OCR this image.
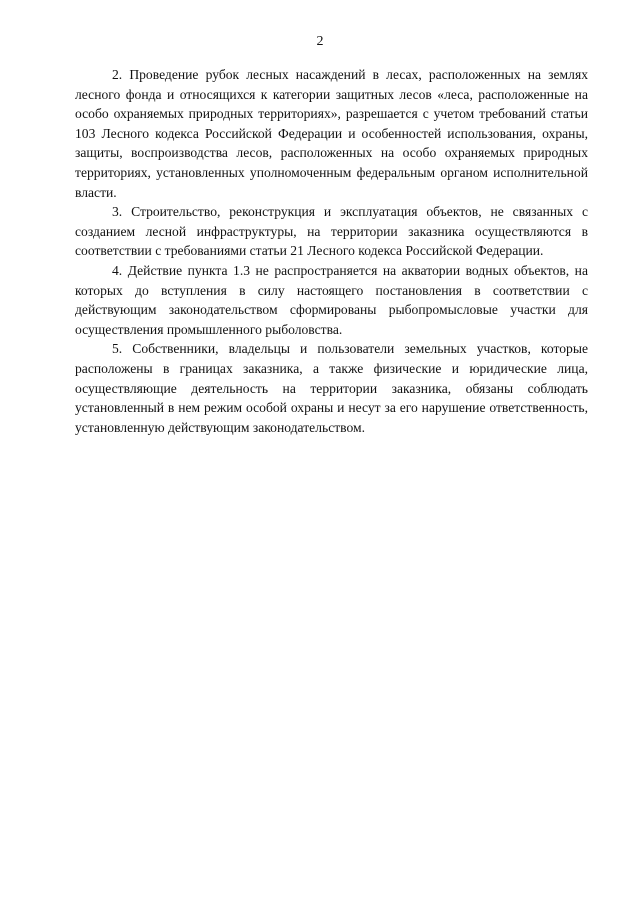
2

2. Проведение рубок лесных насаждений в лесах, расположенных на землях лесного фонда и относящихся к категории защитных лесов «леса, расположенные на особо охраняемых природных территориях», разрешается с учетом требований статьи 103 Лесного кодекса Российской Федерации и особенностей использования, охраны, защиты, воспроизводства лесов, расположенных на особо охраняемых природных территориях, установленных уполномоченным федеральным органом исполнительной власти.

3. Строительство, реконструкция и эксплуатация объектов, не связанных с созданием лесной инфраструктуры, на территории заказника осуществляются в соответствии с требованиями статьи 21 Лесного кодекса Российской Федерации.

4. Действие пункта 1.3 не распространяется на акватории водных объектов, на которых до вступления в силу настоящего постановления в соответствии с действующим законодательством сформированы рыбопромысловые участки для осуществления промышленного рыболовства.

5. Собственники, владельцы и пользователи земельных участков, которые расположены в границах заказника, а также физические и юридические лица, осуществляющие деятельность на территории заказника, обязаны соблюдать установленный в нем режим особой охраны и несут за его нарушение ответственность, установленную действующим законодательством.
